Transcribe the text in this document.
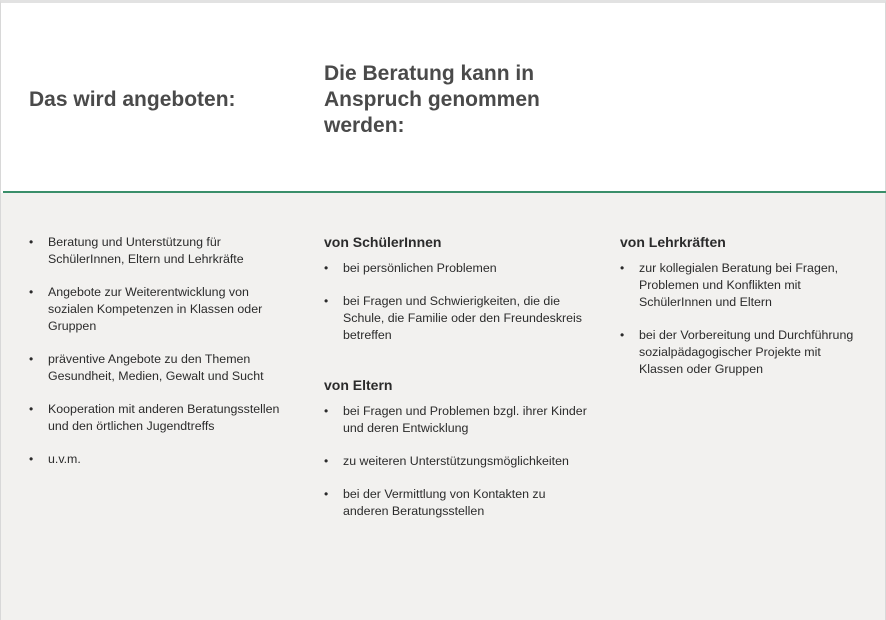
Das wird angeboten:
Die Beratung kann in
Anspruch genommen
werden:
• Beratung und Unterstützung für SchülerInnen, Eltern und Lehrkräfte
• Angebote zur Weiterentwicklung von sozialen Kompetenzen in Klassen oder Gruppen
• präventive Angebote zu den Themen Gesundheit, Medien, Gewalt und Sucht
• Kooperation mit anderen Beratungsstellen und den örtlichen Jugendtreffs
• u.v.m.
von SchülerInnen
• bei persönlichen Problemen
• bei Fragen und Schwierigkeiten, die die Schule, die Familie oder den Freundeskreis betreffen
von Eltern
• bei Fragen und Problemen bzgl. ihrer Kinder und deren Entwicklung
• zu weiteren Unterstützungsmöglichkeiten
• bei der Vermittlung von Kontakten zu anderen Beratungsstellen
von Lehrkräften
• zur kollegialen Beratung bei Fragen, Problemen und Konflikten mit SchülerInnen und Eltern
• bei der Vorbereitung und Durchführung sozialpädagogischer Projekte mit Klassen oder Gruppen
